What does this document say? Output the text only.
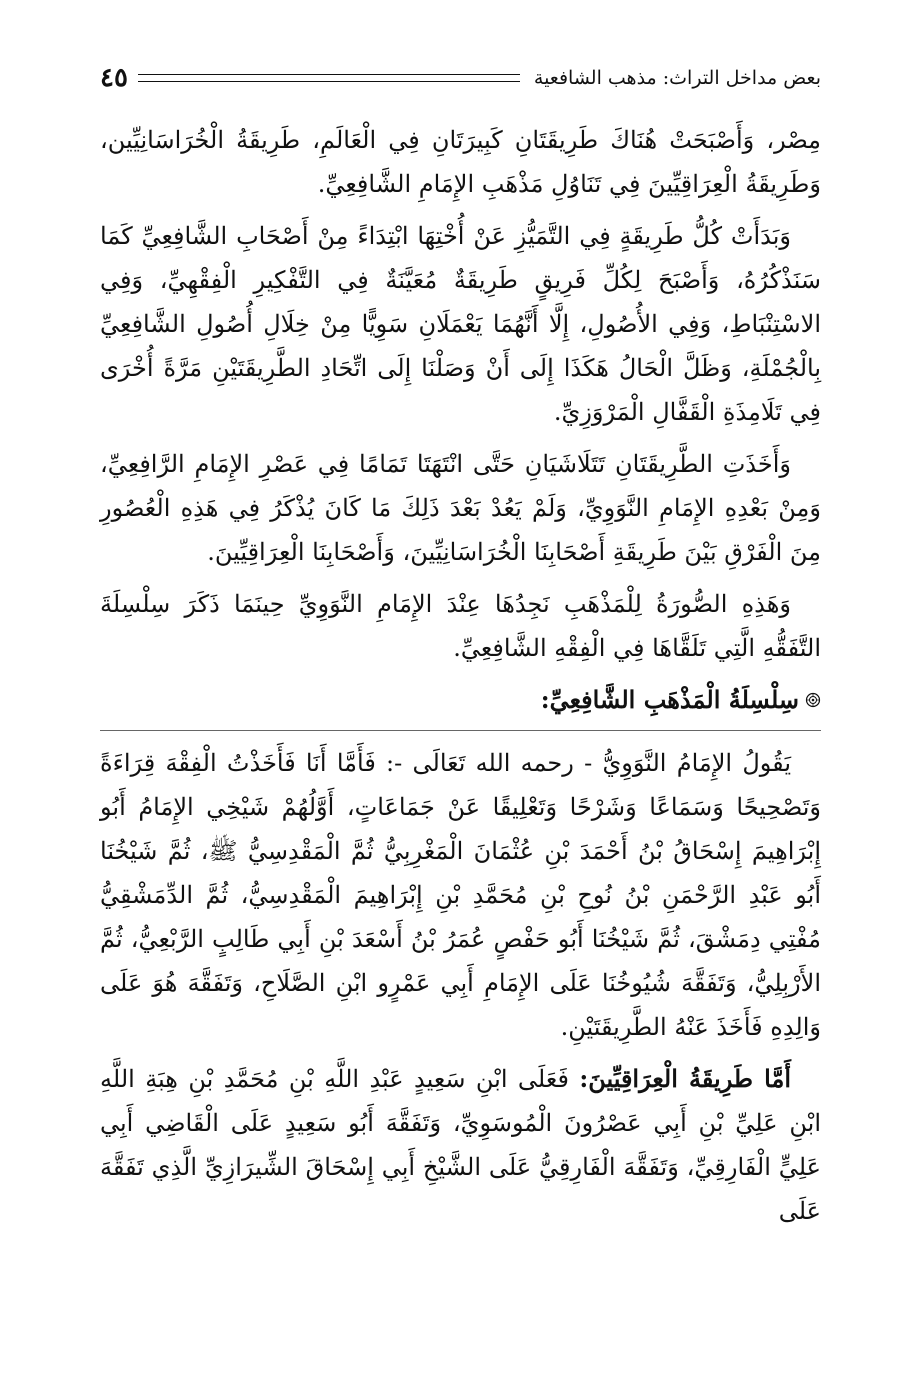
بعض مداخل التراث: مذهب الشافعية
٤٥

مِصْر، وَأَصْبَحَتْ هُنَاكَ طَرِيقَتَانِ كَبِيرَتَانِ فِي الْعَالَمِ، طَرِيقَةُ الْخُرَاسَانِيِّين، وَطَرِيقَةُ الْعِرَاقِيِّينَ فِي تَنَاوُلِ مَذْهَبِ الإِمَامِ الشَّافِعِيِّ.

وَبَدَأَتْ كُلُّ طَرِيقَةٍ فِي التَّمَيُّزِ عَنْ أُخْتِهَا ابْتِدَاءً مِنْ أَصْحَابِ الشَّافِعِيِّ كَمَا سَنَذْكُرُهُ، وَأَصْبَحَ لِكُلِّ فَرِيقٍ طَرِيقَةٌ مُعَيَّنَةٌ فِي التَّفْكِيرِ الْفِقْهِيِّ، وَفِي الاسْتِنْبَاطِ، وَفِي الأُصُولِ، إِلَّا أَنَّهُمَا يَعْمَلَانِ سَوِيًّا مِنْ خِلَالِ أُصُولِ الشَّافِعِيِّ بِالْجُمْلَةِ، وَظَلَّ الْحَالُ هَكَذَا إِلَى أَنْ وَصَلْنَا إِلَى اتِّحَادِ الطَّرِيقَتَيْنِ مَرَّةً أُخْرَى فِي تَلَامِذَةِ الْقَفَّالِ الْمَرْوَزِيِّ.

وَأَخَذَتِ الطَّرِيقَتَانِ تَتَلَاشَيَانِ حَتَّى انْتَهَتَا تَمَامًا فِي عَصْرِ الإِمَامِ الرَّافِعِيِّ، وَمِنْ بَعْدِهِ الإِمَامِ النَّوَوِيِّ، وَلَمْ يَعُدْ بَعْدَ ذَلِكَ مَا كَانَ يُذْكَرُ فِي هَذِهِ الْعُصُورِ مِنَ الْفَرْقِ بَيْنَ طَرِيقَةِ أَصْحَابِنَا الْخُرَاسَانِيِّينَ، وَأَصْحَابِنَا الْعِرَاقِيِّينَ.

وَهَذِهِ الصُّورَةُ لِلْمَذْهَبِ نَجِدُهَا عِنْدَ الإِمَامِ النَّوَوِيِّ حِينَمَا ذَكَرَ سِلْسِلَةَ التَّفَقُّهِ الَّتِي تَلَقَّاهَا فِي الْفِقْهِ الشَّافِعِيِّ.

سِلْسِلَةُ الْمَذْهَبِ الشَّافِعِيِّ:

يَقُولُ الإِمَامُ النَّوَوِيُّ - رحمه الله تَعَالَى -: فَأَمَّا أَنَا فَأَخَذْتُ الْفِقْهَ قِرَاءَةً وَتَصْحِيحًا وَسَمَاعًا وَشَرْحًا وَتَعْلِيقًا عَنْ جَمَاعَاتٍ، أَوَّلُهُمْ شَيْخِي الإِمَامُ أَبُو إِبْرَاهِيمَ إِسْحَاقُ بْنُ أَحْمَدَ بْنِ عُثْمَانَ الْمَغْرِبِيُّ ثُمَّ الْمَقْدِسِيُّ ﷺ، ثُمَّ شَيْخُنَا أَبُو عَبْدِ الرَّحْمَنِ بْنُ نُوحِ بْنِ مُحَمَّدِ بْنِ إِبْرَاهِيمَ الْمَقْدِسِيُّ، ثُمَّ الدِّمَشْقِيُّ مُفْتِي دِمَشْقَ، ثُمَّ شَيْخُنَا أَبُو حَفْصٍ عُمَرُ بْنُ أَسْعَدَ بْنِ أَبِي طَالِبٍ الرَّبْعِيُّ، ثُمَّ الأَرْبِلِيُّ، وَتَفَقَّهَ شُيُوخُنَا عَلَى الإِمَامِ أَبِي عَمْرٍو ابْنِ الصَّلَاحِ، وَتَفَقَّهَ هُوَ عَلَى وَالِدِهِ فَأَخَذَ عَنْهُ الطَّرِيقَتَيْنِ.

أَمَّا طَرِيقَةُ الْعِرَاقِيِّينَ: فَعَلَى ابْنِ سَعِيدٍ عَبْدِ اللَّهِ بْنِ مُحَمَّدِ بْنِ هِبَةِ اللَّهِ ابْنِ عَلِيِّ بْنِ أَبِي عَصْرُونَ الْمُوسَوِيِّ، وَتَفَقَّهَ أَبُو سَعِيدٍ عَلَى الْقَاضِي أَبِي عَلِيٍّ الْفَارِقِيِّ، وَتَفَقَّهَ الْفَارِقِيُّ عَلَى الشَّيْخِ أَبِي إِسْحَاقَ الشِّيرَازِيِّ الَّذِي تَفَقَّهَ عَلَى
